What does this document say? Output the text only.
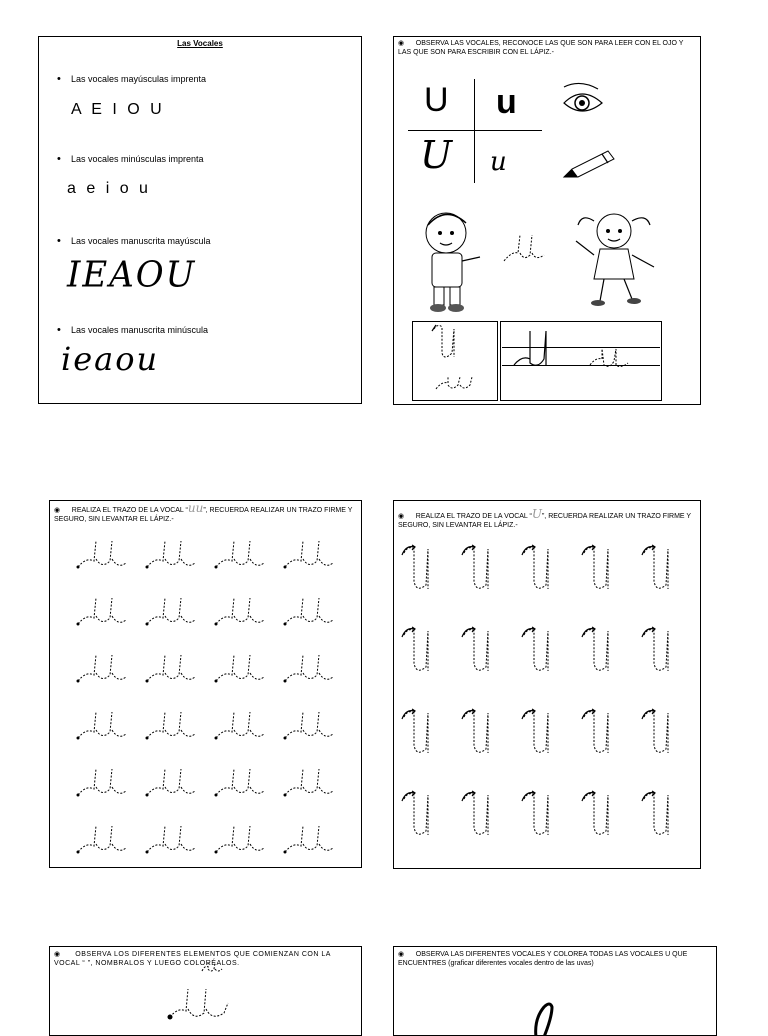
Las Vocales
• Las vocales mayúsculas imprenta
A E I O U
• Las vocales minúsculas imprenta
a e i o u
• Las vocales manuscrita mayúscula
IEAOU
• Las vocales manuscrita minúscula
iеаоu
◉ OBSERVA LAS VOCALES, RECONOCE LAS QUE SON PARA LEER CON EL OJO Y LAS QUE SON PARA ESCRIBIR CON EL LÁPIZ.-
U u
U u
◉ REALIZA EL TRAZO DE LA VOCAL “uu”, RECUERDA REALIZAR UN TRAZO FIRME Y SEGURO, SIN LEVANTAR EL LÁPIZ.-	◉ REALIZA EL TRAZO DE LA VOCAL “U”, RECUERDA REALIZAR UN TRAZO FIRME Y SEGURO, SIN LEVANTAR EL LÁPIZ.-
◉ OBSERVA LOS DIFERENTES ELEMENTOS QUE COMIENZAN CON LA VOCAL “ ”, NOMBRALOS Y LUEGO COLORÉALOS.
◉ OBSERVA LAS DIFERENTES VOCALES Y COLOREA TODAS LAS VOCALES U QUE ENCUENTRES (graficar diferentes vocales dentro de las uvas)
